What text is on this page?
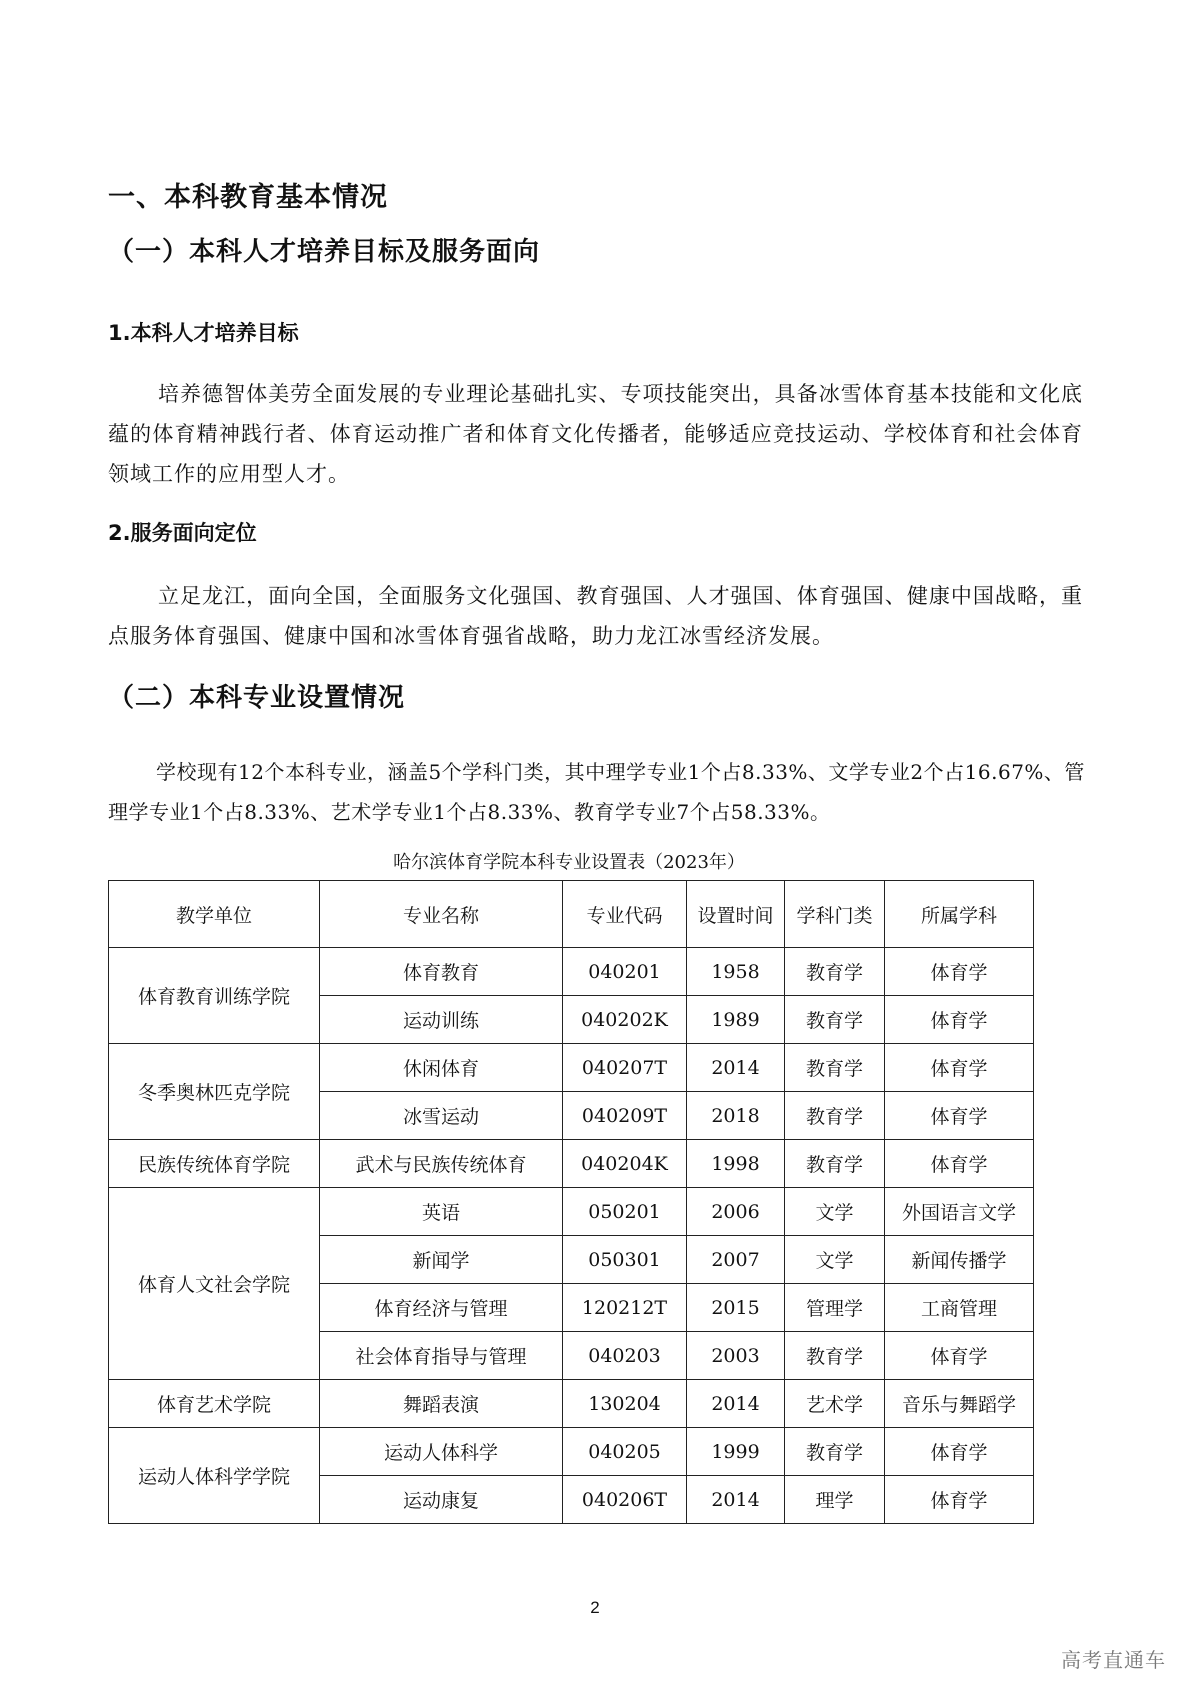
一、本科教育基本情况
（一）本科人才培养目标及服务面向
1.本科人才培养目标

培养德智体美劳全面发展的专业理论基础扎实、专项技能突出，具备冰雪体育基本技能和文化底蕴的体育精神践行者、体育运动推广者和体育文化传播者，能够适应竞技运动、学校体育和社会体育领域工作的应用型人才。

2.服务面向定位

立足龙江，面向全国，全面服务文化强国、教育强国、人才强国、体育强国、健康中国战略，重点服务体育强国、健康中国和冰雪体育强省战略，助力龙江冰雪经济发展。

（二）本科专业设置情况

学校现有12个本科专业，涵盖5个学科门类，其中理学专业1个占8.33%、文学专业2个占16.67%、管理学专业1个占8.33%、艺术学专业1个占8.33%、教育学专业7个占58.33%。

哈尔滨体育学院本科专业设置表（2023年）
教学单位	专业名称	专业代码	设置时间	学科门类	所属学科
体育教育训练学院	体育教育	040201	1958	教育学	体育学
	运动训练	040202K	1989	教育学	体育学
冬季奥林匹克学院	休闲体育	040207T	2014	教育学	体育学
	冰雪运动	040209T	2018	教育学	体育学
民族传统体育学院	武术与民族传统体育	040204K	1998	教育学	体育学
体育人文社会学院	英语	050201	2006	文学	外国语言文学
	新闻学	050301	2007	文学	新闻传播学
	体育经济与管理	120212T	2015	管理学	工商管理
	社会体育指导与管理	040203	2003	教育学	体育学
体育艺术学院	舞蹈表演	130204	2014	艺术学	音乐与舞蹈学
运动人体科学学院	运动人体科学	040205	1999	教育学	体育学
	运动康复	040206T	2014	理学	体育学
2
高考直通车
